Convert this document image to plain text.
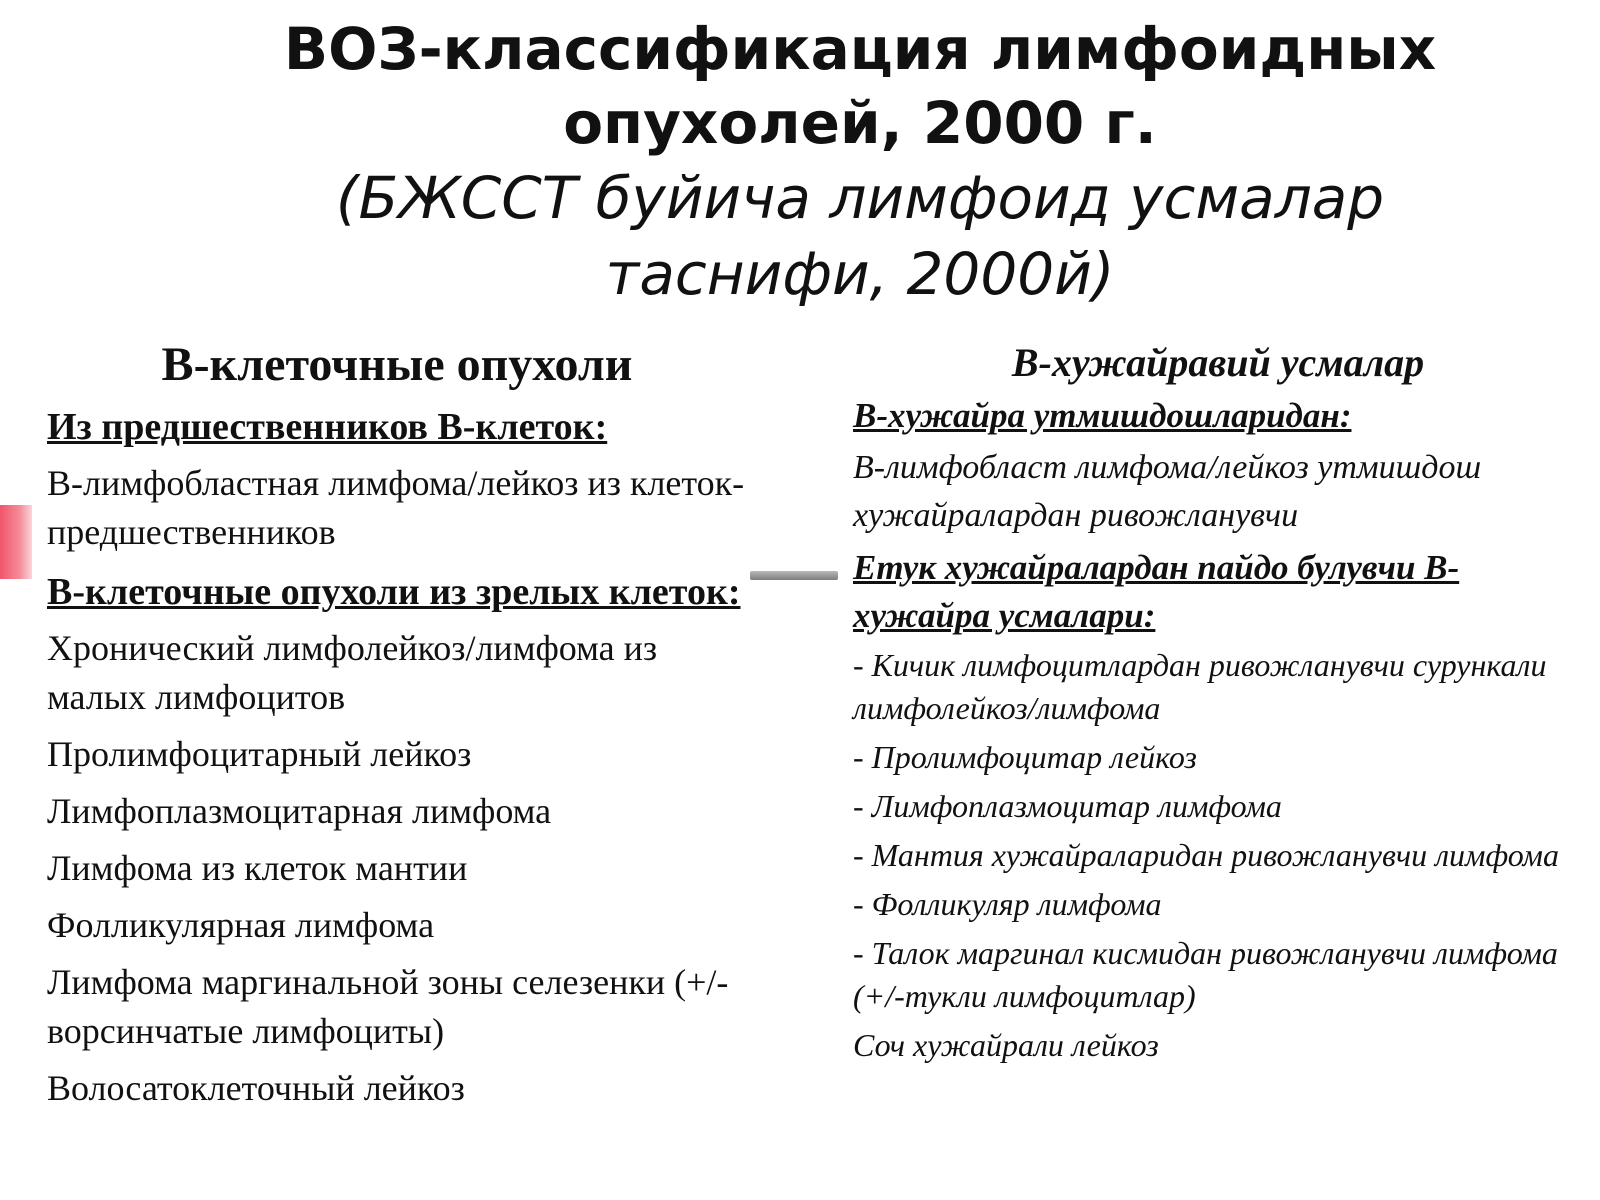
ВОЗ-классификация лимфоидных

опухолей, 2000 г.

(БЖССТ буйича лимфоид усмалар

таснифи, 2000й)

В-клеточные опухоли

Из предшественников В-клеток:

В-лимфобластная лимфома/лейкоз из клеток-предшественников

В-клеточные опухоли из зрелых клеток:

Хронический лимфолейкоз/лимфома из малых лимфоцитов

Пролимфоцитарный лейкоз

Лимфоплазмоцитарная лимфома

Лимфома из клеток мантии

Фолликулярная лимфома

Лимфома маргинальной зоны селезенки (+/-ворсинчатые лимфоциты)

Волосатоклеточный лейкоз

В-хужайравий усмалар

В-хужайра утмишдошларидан:

В-лимфобласт лимфома/лейкоз утмишдош хужайралардан ривожланувчи

Етук хужайралардан пайдо булувчи В-хужайра усмалари:

- Кичик лимфоцитлардан ривожланувчи сурункали лимфолейкоз/лимфома

- Пролимфоцитар лейкоз

- Лимфоплазмоцитар лимфома

- Мантия хужайраларидан ривожланувчи лимфома

- Фолликуляр лимфома

- Талок маргинал кисмидан ривожланувчи лимфома (+/-тукли лимфоцитлар)

Соч хужайрали лейкоз
